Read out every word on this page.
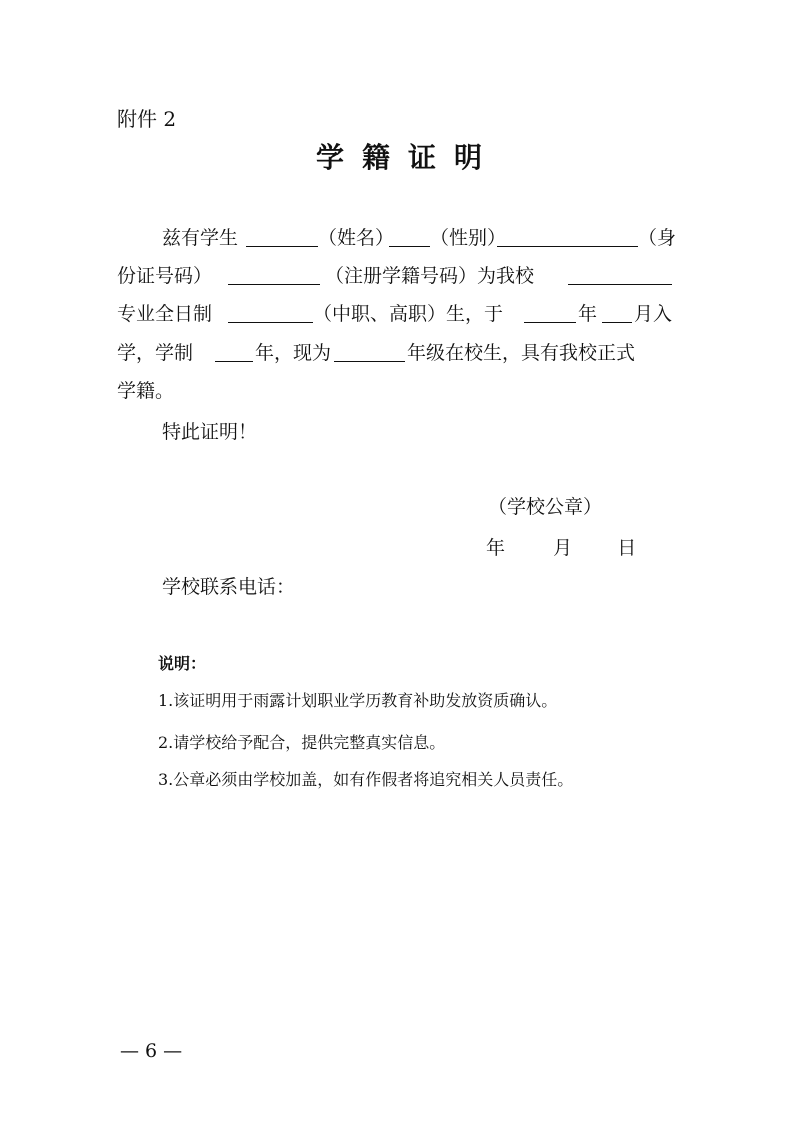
附件 2
学籍证明
兹有学生	（姓名） （性别）	（身
份证号码）	（注册学籍号码）为我校
专业全日制	（中职、高职）生，于	年 月入
学，学制	年，现为	年级在校生，具有我校正式
学籍。
特此证明！
（学校公章）
年	月 日
学校联系电话：
说明：
1.该证明用于雨露计划职业学历教育补助发放资质确认。
2.请学校给予配合，提供完整真实信息。
3.公章必须由学校加盖，如有作假者将追究相关人员责任。
— 6 —
